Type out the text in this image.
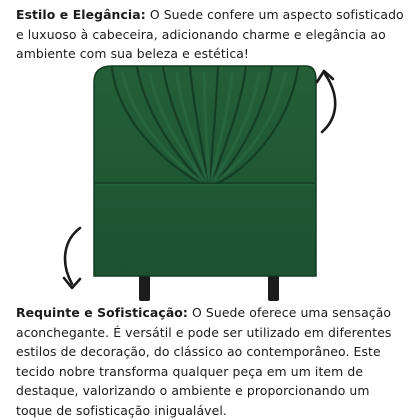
Estilo e Elegância: O Suede confere um aspecto sofisticado e luxuoso à cabeceira, adicionando charme e elegância ao ambiente com sua beleza e estética!
Requinte e Sofisticação: O Suede oferece uma sensação aconchegante. É versátil e pode ser utilizado em diferentes estilos de decoração, do clássico ao contemporâneo. Este tecido nobre transforma qualquer peça em um item de destaque, valorizando o ambiente e proporcionando um toque de sofisticação inigualável.
